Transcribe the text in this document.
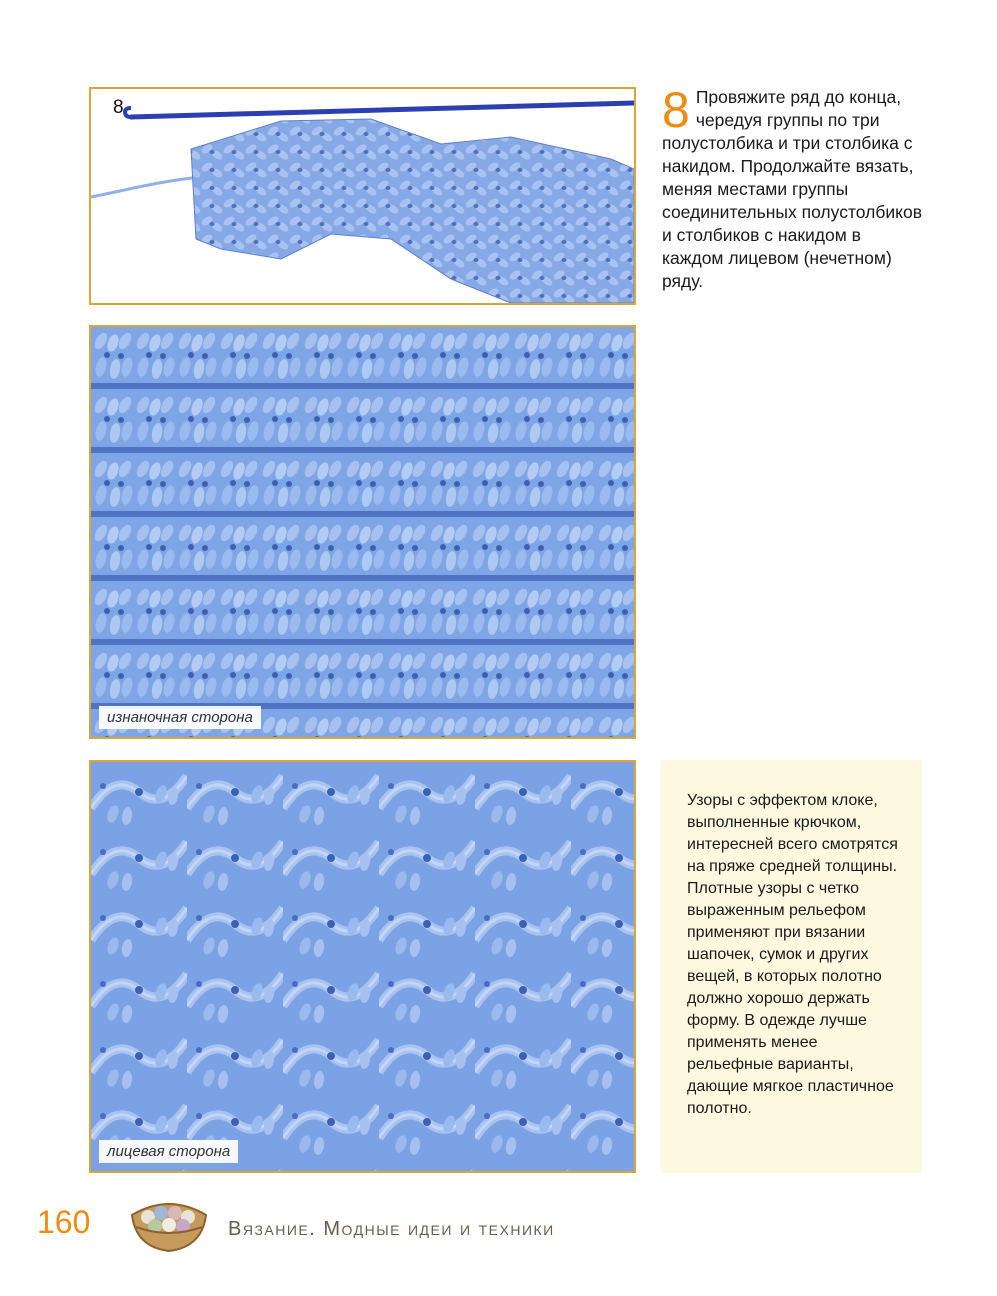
8	8 Провяжите ряд до конца, чередуя группы по три полустолбика и три столбика с накидом. Продолжайте вязать, меняя местами группы соединительных полустолбиков и столбиков с накидом в каждом лицевом (нечетном) ряду.
изнаночная сторона
лицевая сторона

Узоры с эффектом клоке, выполненные крючком, интересней всего смотрятся на пряже средней толщины. Плотные узоры с четко выраженным рельефом применяют при вязании шапочек, сумок и других вещей, в которых полотно должно хорошо держать форму. В одежде лучше применять менее рельефные варианты, дающие мягкое пластичное полотно.

160	Вязание. Модные идеи и техники
